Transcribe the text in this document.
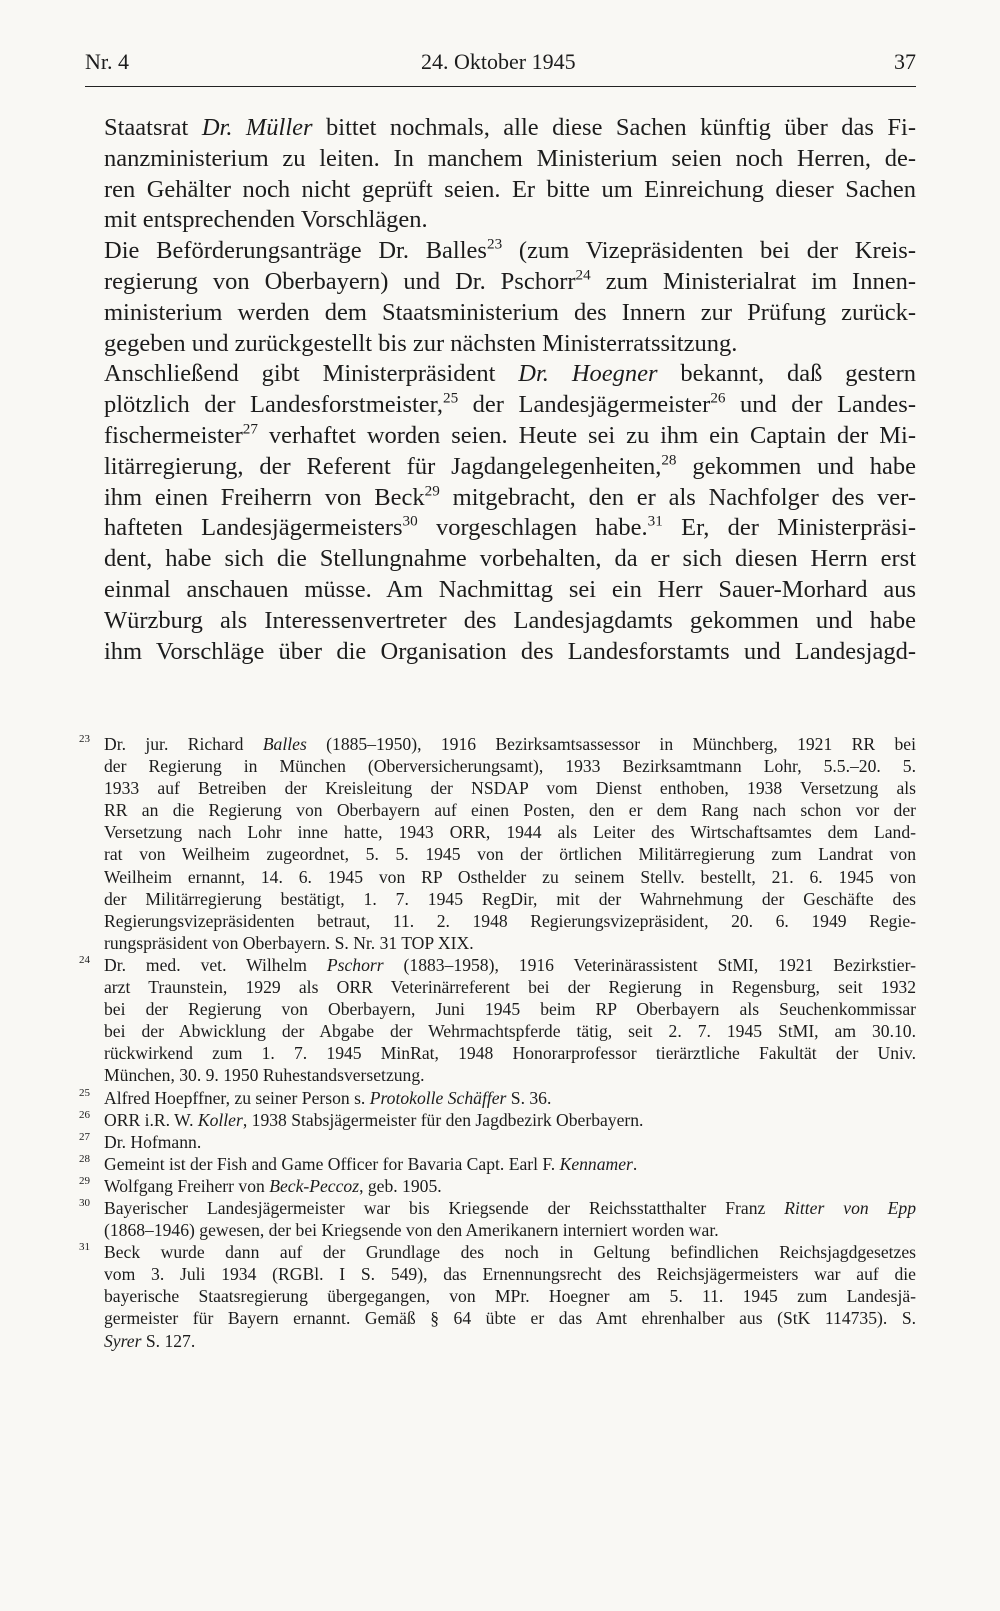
Nr. 4	24. Oktober 1945	37
Staatsrat Dr. Müller bittet nochmals, alle diese Sachen künftig über das Fi-
nanzministerium zu leiten. In manchem Ministerium seien noch Herren, de-
ren Gehälter noch nicht geprüft seien. Er bitte um Einreichung dieser Sachen
mit entsprechenden Vorschlägen.
Die Beförderungsanträge Dr. Balles$^{23}$ (zum Vizepräsidenten bei der Kreis-
regierung von Oberbayern) und Dr. Pschorr$^{24}$ zum Ministerialrat im Innen-
ministerium werden dem Staatsministerium des Innern zur Prüfung zurück-
gegeben und zurückgestellt bis zur nächsten Ministerratssitzung.
Anschließend gibt Ministerpräsident Dr. Hoegner bekannt, daß gestern
plötzlich der Landesforstmeister,$^{25}$ der Landesjägermeister$^{26}$ und der Landes-
fischermeister$^{27}$ verhaftet worden seien. Heute sei zu ihm ein Captain der Mi-
litärregierung, der Referent für Jagdangelegenheiten,$^{28}$ gekommen und habe
ihm einen Freiherrn von Beck$^{29}$ mitgebracht, den er als Nachfolger des ver-
hafteten Landesjägermeisters$^{30}$ vorgeschlagen habe.$^{31}$ Er, der Ministerpräsi-
dent, habe sich die Stellungnahme vorbehalten, da er sich diesen Herrn erst
einmal anschauen müsse. Am Nachmittag sei ein Herr Sauer-Morhard aus
Würzburg als Interessenvertreter des Landesjagdamts gekommen und habe
ihm Vorschläge über die Organisation des Landesforstamts und Landesjagd-
23 Dr. jur. Richard Balles (1885–1950), 1916 Bezirksamtsassessor in Münchberg, 1921 RR bei
der Regierung in München (Oberversicherungsamt), 1933 Bezirksamtmann Lohr, 5.5.–20. 5.
1933 auf Betreiben der Kreisleitung der NSDAP vom Dienst enthoben, 1938 Versetzung als
RR an die Regierung von Oberbayern auf einen Posten, den er dem Rang nach schon vor der
Versetzung nach Lohr inne hatte, 1943 ORR, 1944 als Leiter des Wirtschaftsamtes dem Land-
rat von Weilheim zugeordnet, 5. 5. 1945 von der örtlichen Militärregierung zum Landrat von
Weilheim ernannt, 14. 6. 1945 von RP Osthelder zu seinem Stellv. bestellt, 21. 6. 1945 von
der Militärregierung bestätigt, 1. 7. 1945 RegDir, mit der Wahrnehmung der Geschäfte des
Regierungsvizepräsidenten betraut, 11. 2. 1948 Regierungsvizepräsident, 20. 6. 1949 Regie-
rungspräsident von Oberbayern. S. Nr. 31 TOP XIX.
24 Dr. med. vet. Wilhelm Pschorr (1883–1958), 1916 Veterinärassistent StMI, 1921 Bezirkstier-
arzt Traunstein, 1929 als ORR Veterinärreferent bei der Regierung in Regensburg, seit 1932
bei der Regierung von Oberbayern, Juni 1945 beim RP Oberbayern als Seuchenkommissar
bei der Abwicklung der Abgabe der Wehrmachtspferde tätig, seit 2. 7. 1945 StMI, am 30.10.
rückwirkend zum 1. 7. 1945 MinRat, 1948 Honorarprofessor tierärztliche Fakultät der Univ.
München, 30. 9. 1950 Ruhestandsversetzung.
25 Alfred Hoepffner, zu seiner Person s. Protokolle Schäffer S. 36.
26 ORR i.R. W. Koller, 1938 Stabsjägermeister für den Jagdbezirk Oberbayern.
27 Dr. Hofmann.
28 Gemeint ist der Fish and Game Officer for Bavaria Capt. Earl F. Kennamer.
29 Wolfgang Freiherr von Beck-Peccoz, geb. 1905.
30 Bayerischer Landesjägermeister war bis Kriegsende der Reichsstatthalter Franz Ritter von Epp
(1868–1946) gewesen, der bei Kriegsende von den Amerikanern interniert worden war.
31 Beck wurde dann auf der Grundlage des noch in Geltung befindlichen Reichsjagdgesetzes
vom 3. Juli 1934 (RGBl. I S. 549), das Ernennungsrecht des Reichsjägermeisters war auf die
bayerische Staatsregierung übergegangen, von MPr. Hoegner am 5. 11. 1945 zum Landesjä-
germeister für Bayern ernannt. Gemäß § 64 übte er das Amt ehrenhalber aus (StK 114735). S.
Syrer S. 127.
